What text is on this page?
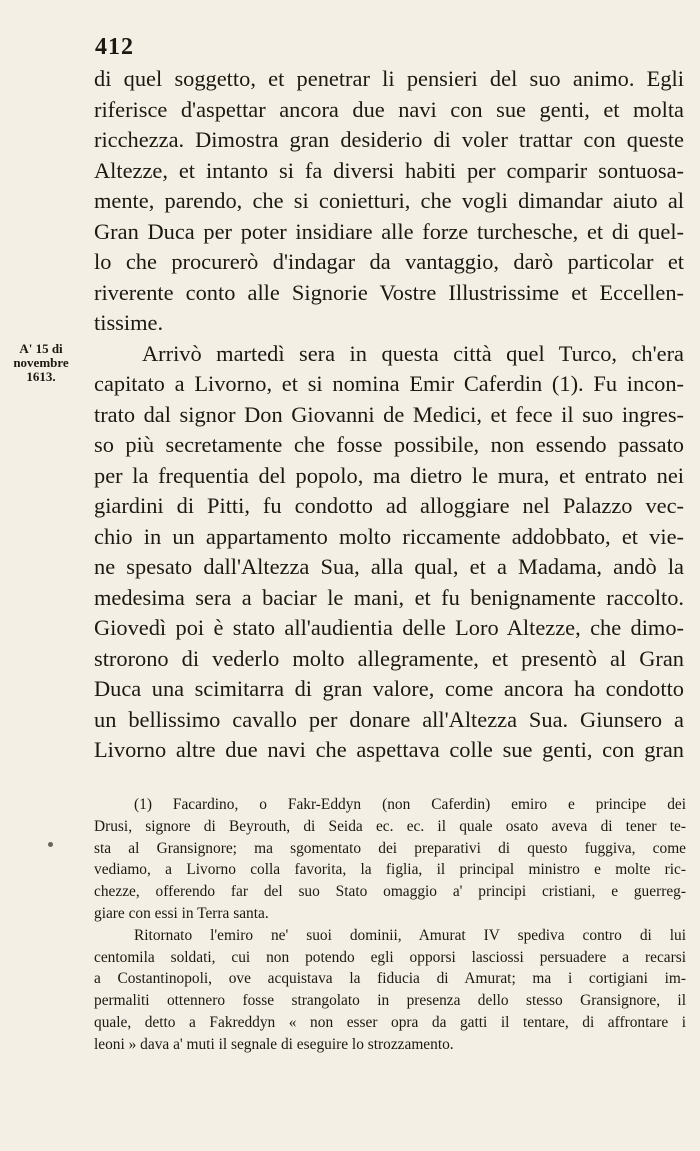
412
A' 15 di
novembre
1613.
di quel soggetto, et penetrar li pensieri del suo animo. Egli
riferisce d'aspettar ancora due navi con sue genti, et molta
ricchezza. Dimostra gran desiderio di voler trattar con queste
Altezze, et intanto si fa diversi habiti per comparir sontuosa-
mente, parendo, che si conietturi, che vogli dimandar aiuto al
Gran Duca per poter insidiare alle forze turchesche, et di quel-
lo che procurerò d'indagar da vantaggio, darò particolar et
riverente conto alle Signorie Vostre Illustrissime et Eccellen-
tissime.
Arrivò martedì sera in questa città quel Turco, ch'era
capitato a Livorno, et si nomina Emir Caferdin (1). Fu incon-
trato dal signor Don Giovanni de Medici, et fece il suo ingres-
so più secretamente che fosse possibile, non essendo passato
per la frequentia del popolo, ma dietro le mura, et entrato nei
giardini di Pitti, fu condotto ad alloggiare nel Palazzo vec-
chio in un appartamento molto riccamente addobbato, et vie-
ne spesato dall'Altezza Sua, alla qual, et a Madama, andò la
medesima sera a baciar le mani, et fu benignamente raccolto.
Giovedì poi è stato all'audientia delle Loro Altezze, che dimo-
strorono di vederlo molto allegramente, et presentò al Gran
Duca una scimitarra di gran valore, come ancora ha condotto
un bellissimo cavallo per donare all'Altezza Sua. Giunsero a
Livorno altre due navi che aspettava colle sue genti, con gran
(1) Facardino, o Fakr-Eddyn (non Caferdin) emiro e principe dei
Drusi, signore di Beyrouth, di Seida ec. ec. il quale osato aveva di tener te-
sta al Gransignore; ma sgomentato dei preparativi di questo fuggiva, come
vediamo, a Livorno colla favorita, la figlia, il principal ministro e molte ric-
chezze, offerendo far del suo Stato omaggio a' principi cristiani, e guerreg-
giare con essi in Terra santa.
Ritornato l'emiro ne' suoi dominii, Amurat IV spediva contro di lui
centomila soldati, cui non potendo egli opporsi lasciossi persuadere a recarsi
a Costantinopoli, ove acquistava la fiducia di Amurat; ma i cortigiani im-
permaliti ottennero fosse strangolato in presenza dello stesso Gransignore, il
quale, detto a Fakreddyn « non esser opra da gatti il tentare, di affrontare i
leoni » dava a' muti il segnale di eseguire lo strozzamento.
